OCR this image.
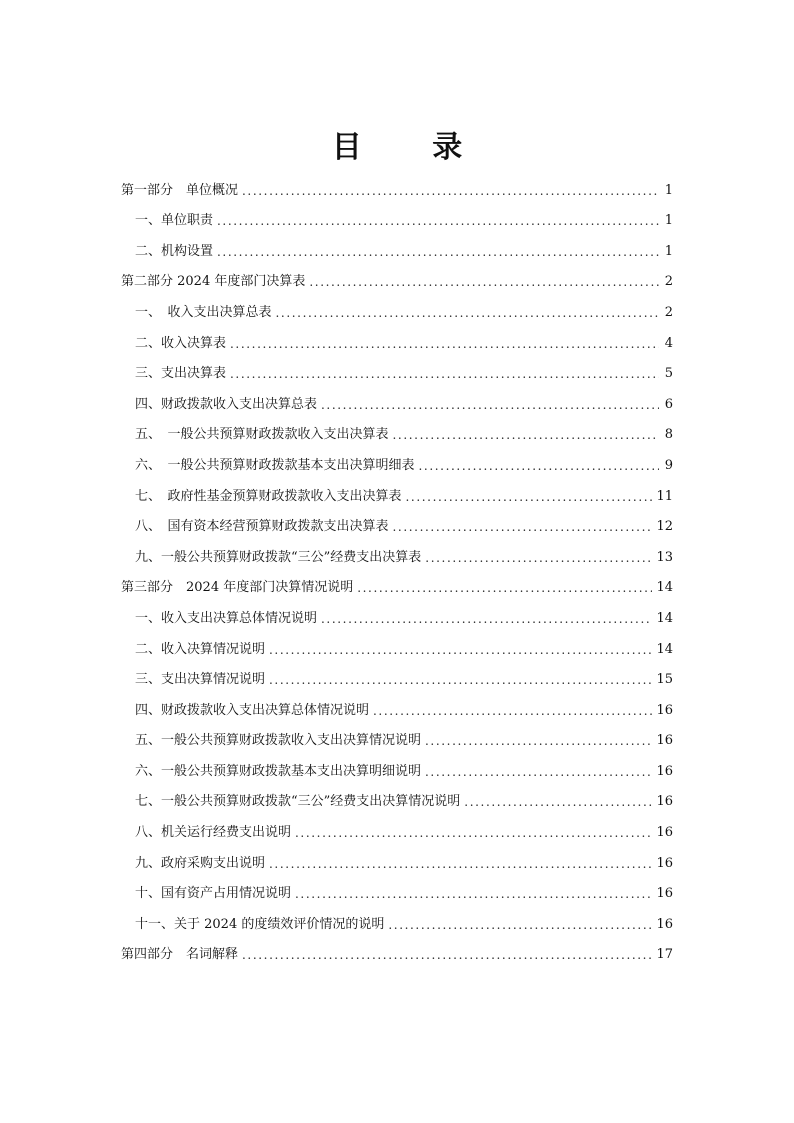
目 录
第一部分　单位概况 .....	1
一、单位职责 .....	1
二、机构设置 .....	1
第二部分 2024 年度部门决算表 .....	2
一、　收入支出决算总表 .....	2
二、收入决算表 .....	4
三、支出决算表 .....	5
四、财政拨款收入支出决算总表 .....	6
五、　一般公共预算财政拨款收入支出决算表 .....	8
六、　一般公共预算财政拨款基本支出决算明细表 .....	9
七、　政府性基金预算财政拨款收入支出决算表 .....	11
八、　国有资本经营预算财政拨款支出决算表 .....	12
九、一般公共预算财政拨款“三公”经费支出决算表 .....	13
第三部分　2024 年度部门决算情况说明 .....	14
一、收入支出决算总体情况说明 .....	14
二、收入决算情况说明 .....	14
三、支出决算情况说明 .....	15
四、财政拨款收入支出决算总体情况说明 .....	16
五、一般公共预算财政拨款收入支出决算情况说明 .....	16
六、一般公共预算财政拨款基本支出决算明细说明 .....	16
七、一般公共预算财政拨款“三公”经费支出决算情况说明 .....	16
八、机关运行经费支出说明 .....	16
九、政府采购支出说明 .....	16
十、国有资产占用情况说明 .....	16
十一、关于 2024 的度绩效评价情况的说明 .....	16
第四部分　名词解释 .....	17
